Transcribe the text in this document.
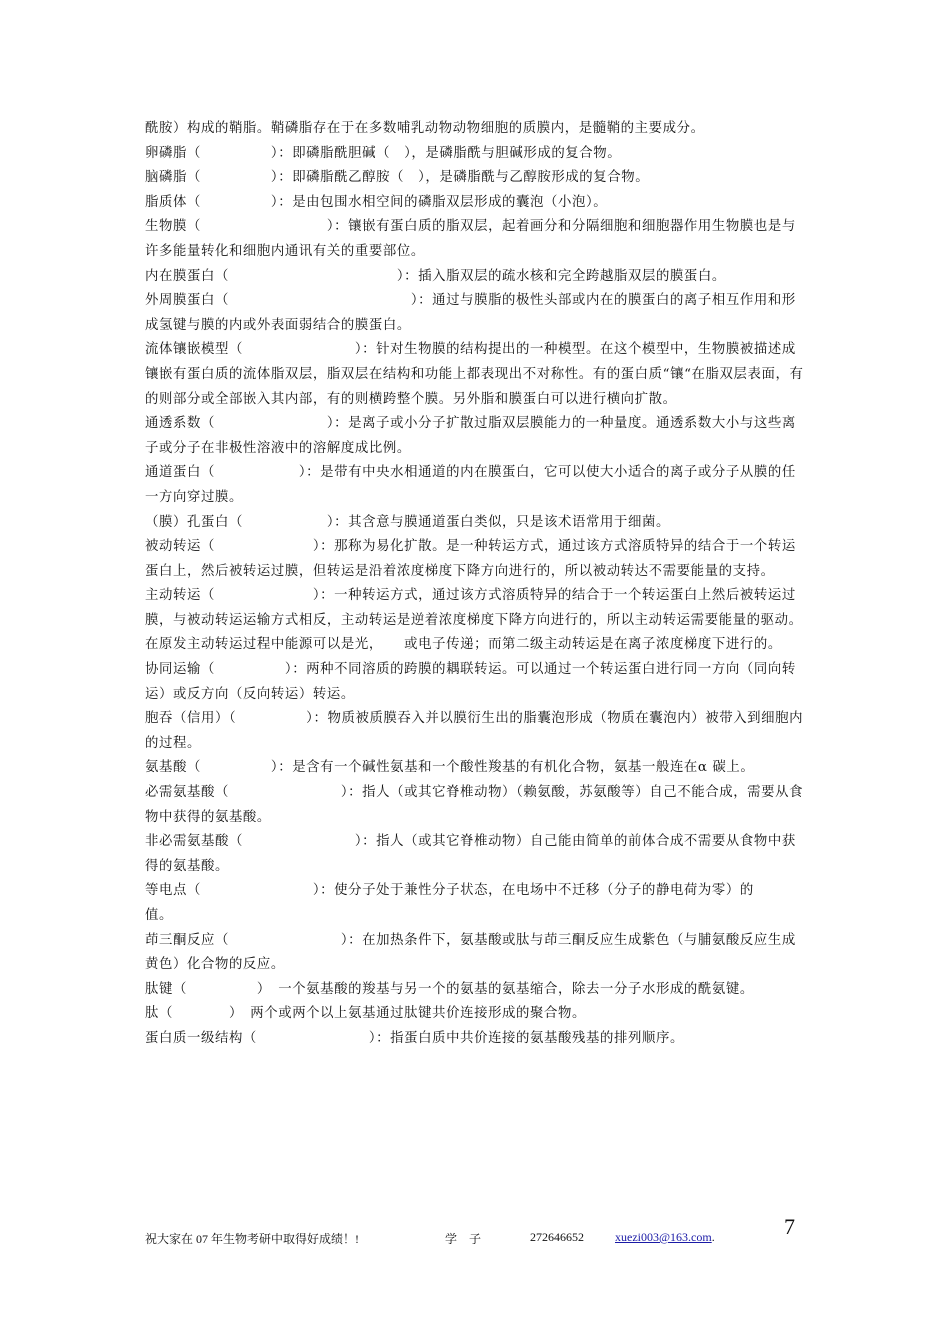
酰胺）构成的鞘脂。鞘磷脂存在于在多数哺乳动物动物细胞的质膜内，是髓鞘的主要成分。

卵磷脂（　　　　　）：即磷脂酰胆碱（　），是磷脂酰与胆碱形成的复合物。

脑磷脂（　　　　　）：即磷脂酰乙醇胺（　），是磷脂酰与乙醇胺形成的复合物。

脂质体（　　　　　）：是由包围水相空间的磷脂双层形成的囊泡（小泡）。

生物膜（　　　　　　　　　）：镶嵌有蛋白质的脂双层，起着画分和分隔细胞和细胞器作用生物膜也是与许多能量转化和细胞内通讯有关的重要部位。

内在膜蛋白（　　　　　　　　　　　　）：插入脂双层的疏水核和完全跨越脂双层的膜蛋白。

外周膜蛋白（　　　　　　　　　　　　　）：通过与膜脂的极性头部或内在的膜蛋白的离子相互作用和形成氢键与膜的内或外表面弱结合的膜蛋白。

流体镶嵌模型（　　　　　　　　）：针对生物膜的结构提出的一种模型。在这个模型中，生物膜被描述成镶嵌有蛋白质的流体脂双层，脂双层在结构和功能上都表现出不对称性。有的蛋白质“镶“在脂双层表面，有的则部分或全部嵌入其内部，有的则横跨整个膜。另外脂和膜蛋白可以进行横向扩散。

通透系数（　　　　　　　　）：是离子或小分子扩散过脂双层膜能力的一种量度。通透系数大小与这些离子或分子在非极性溶液中的溶解度成比例。

通道蛋白（　　　　　　）：是带有中央水相通道的内在膜蛋白，它可以使大小适合的离子或分子从膜的任一方向穿过膜。

（膜）孔蛋白（　　　　　　）：其含意与膜通道蛋白类似，只是该术语常用于细菌。

被动转运（　　　　　　　）：那称为易化扩散。是一种转运方式，通过该方式溶质特异的结合于一个转运蛋白上，然后被转运过膜，但转运是沿着浓度梯度下降方向进行的，所以被动转达不需要能量的支持。

主动转运（　　　　　　　）：一种转运方式，通过该方式溶质特异的结合于一个转运蛋白上然后被转运过膜，与被动转运运输方式相反，主动转运是逆着浓度梯度下降方向进行的，所以主动转运需要能量的驱动。在原发主动转运过程中能源可以是光，　　或电子传递；而第二级主动转运是在离子浓度梯度下进行的。

协同运输（　　　　　）：两种不同溶质的跨膜的耦联转运。可以通过一个转运蛋白进行同一方向（同向转运）或反方向（反向转运）转运。

胞吞（信用）（　　　　　）：物质被质膜吞入并以膜衍生出的脂囊泡形成（物质在囊泡内）被带入到细胞内的过程。

氨基酸（　　　　　）：是含有一个碱性氨基和一个酸性羧基的有机化合物，氨基一般连在α 碳上。

必需氨基酸（　　　　　　　　）：指人（或其它脊椎动物）（赖氨酸，苏氨酸等）自己不能合成，需要从食物中获得的氨基酸。

非必需氨基酸（　　　　　　　　）：指人（或其它脊椎动物）自己能由简单的前体合成不需要从食物中获得的氨基酸。

等电点（　　　　　　　　）：使分子处于兼性分子状态，在电场中不迁移（分子的静电荷为零）的　　值。

茚三酮反应（　　　　　　　　）：在加热条件下，氨基酸或肽与茚三酮反应生成紫色（与脯氨酸反应生成黄色）化合物的反应。

肽键（　　　　　）　一个氨基酸的羧基与另一个的氨基的氨基缩合，除去一分子水形成的酰氨键。

肽（　　　　）　两个或两个以上氨基通过肽键共价连接形成的聚合物。

蛋白质一级结构（　　　　　　　　）：指蛋白质中共价连接的氨基酸残基的排列顺序。

祝大家在 07 年生物考研中取得好成绩！!	学　子	272646652	xuezi003@163.com.	7
